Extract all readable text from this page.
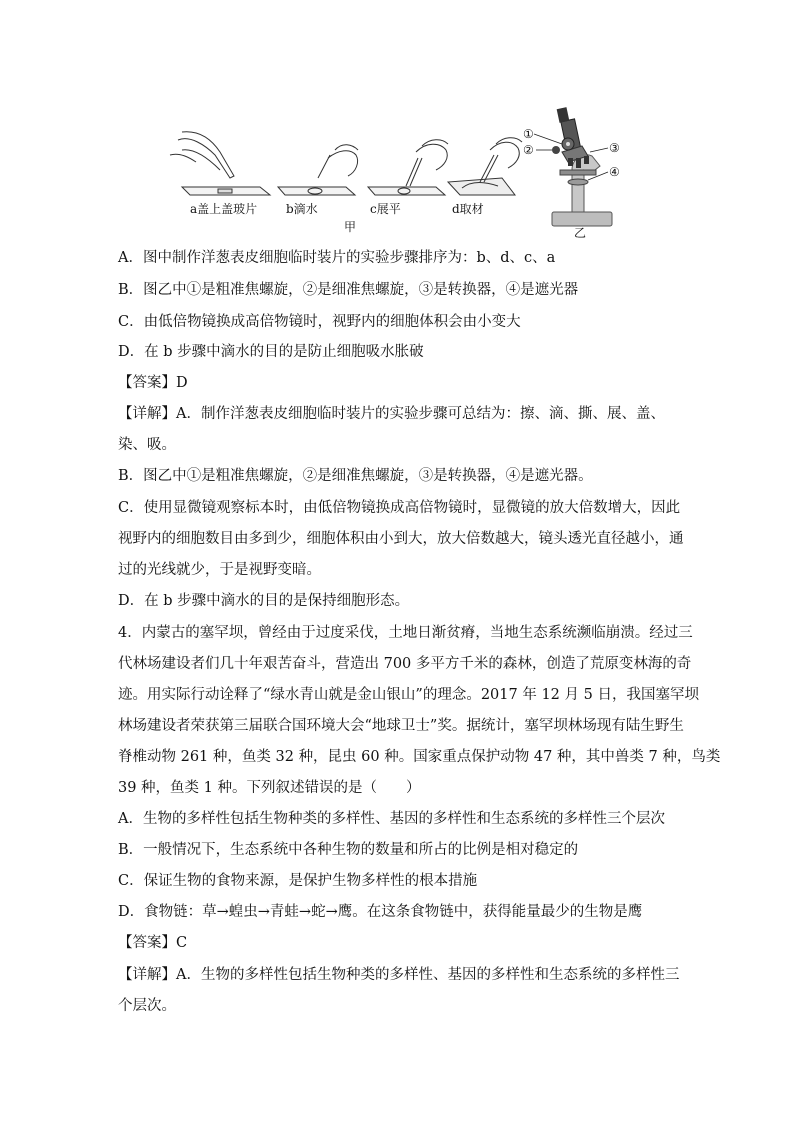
a盖上盖玻片 b滴水	c展平	d取材
甲	乙
①
②	③
④
A．图中制作洋葱表皮细胞临时装片的实验步骤排序为：b、d、c、a
B．图乙中①是粗准焦螺旋，②是细准焦螺旋，③是转换器，④是遮光器
C．由低倍物镜换成高倍物镜时，视野内的细胞体积会由小变大
D．在 b 步骤中滴水的目的是防止细胞吸水胀破
【答案】D
【详解】A．制作洋葱表皮细胞临时装片的实验步骤可总结为：擦、滴、撕、展、盖、
染、吸。
B．图乙中①是粗准焦螺旋，②是细准焦螺旋，③是转换器，④是遮光器。
C．使用显微镜观察标本时，由低倍物镜换成高倍物镜时，显微镜的放大倍数增大，因此
视野内的细胞数目由多到少，细胞体积由小到大，放大倍数越大，镜头透光直径越小，通
过的光线就少，于是视野变暗。
D．在 b 步骤中滴水的目的是保持细胞形态。
4．内蒙古的塞罕坝，曾经由于过度采伐，土地日渐贫瘠，当地生态系统濒临崩溃。经过三
代林场建设者们几十年艰苦奋斗，营造出 700 多平方千米的森林，创造了荒原变林海的奇
迹。用实际行动诠释了“绿水青山就是金山银山”的理念。2017 年 12 月 5 日，我国塞罕坝
林场建设者荣获第三届联合国环境大会“地球卫士”奖。据统计，塞罕坝林场现有陆生野生
脊椎动物 261 种，鱼类 32 种，昆虫 60 种。国家重点保护动物 47 种，其中兽类 7 种，鸟类
39 种，鱼类 1 种。下列叙述错误的是（　　）
A．生物的多样性包括生物种类的多样性、基因的多样性和生态系统的多样性三个层次
B．一般情况下，生态系统中各种生物的数量和所占的比例是相对稳定的
C．保证生物的食物来源，是保护生物多样性的根本措施
D．食物链：草→蝗虫→青蛙→蛇→鹰。在这条食物链中，获得能量最少的生物是鹰
【答案】C
【详解】A．生物的多样性包括生物种类的多样性、基因的多样性和生态系统的多样性三
个层次。
